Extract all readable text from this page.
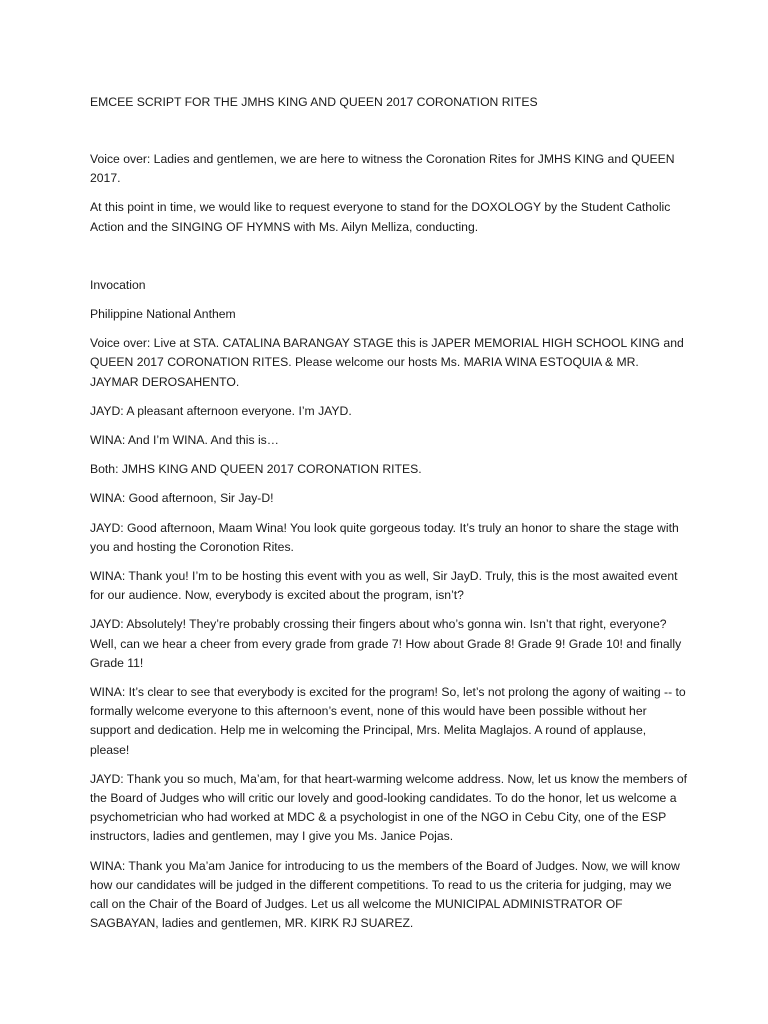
EMCEE SCRIPT FOR THE JMHS KING AND QUEEN 2017 CORONATION RITES

Voice over: Ladies and gentlemen, we are here to witness the Coronation Rites for JMHS KING and QUEEN 2017.

At this point in time, we would like to request everyone to stand for the DOXOLOGY by the Student Catholic Action and the SINGING OF HYMNS with Ms. Ailyn Melliza, conducting.

Invocation

Philippine National Anthem

Voice over: Live at STA. CATALINA BARANGAY STAGE this is JAPER MEMORIAL HIGH SCHOOL KING and QUEEN 2017 CORONATION RITES. Please welcome our hosts Ms. MARIA WINA ESTOQUIA & MR. JAYMAR DEROSAHENTO.

JAYD: A pleasant afternoon everyone. I’m JAYD.

WINA: And I’m WINA. And this is…

Both: JMHS KING AND QUEEN 2017 CORONATION RITES.

WINA: Good afternoon, Sir Jay-D!

JAYD: Good afternoon, Maam Wina! You look quite gorgeous today. It’s truly an honor to share the stage with you and hosting the Coronotion Rites.

WINA: Thank you! I’m to be hosting this event with you as well, Sir JayD. Truly, this is the most awaited event for our audience. Now, everybody is excited about the program, isn’t?

JAYD: Absolutely! They’re probably crossing their fingers about who’s gonna win. Isn’t that right, everyone? Well, can we hear a cheer from every grade from grade 7! How about Grade 8! Grade 9! Grade 10! and finally Grade 11!

WINA: It’s clear to see that everybody is excited for the program! So, let’s not prolong the agony of waiting -- to formally welcome everyone to this afternoon’s event, none of this would have been possible without her support and dedication. Help me in welcoming the Principal, Mrs. Melita Maglajos. A round of applause, please!

JAYD: Thank you so much, Ma’am, for that heart-warming welcome address. Now, let us know the members of the Board of Judges who will critic our lovely and good-looking candidates. To do the honor, let us welcome a psychometrician who had worked at MDC & a psychologist in one of the NGO in Cebu City, one of the ESP instructors, ladies and gentlemen, may I give you Ms. Janice Pojas.

WINA: Thank you Ma’am Janice for introducing to us the members of the Board of Judges. Now, we will know how our candidates will be judged in the different competitions. To read to us the criteria for judging, may we call on the Chair of the Board of Judges. Let us all welcome the MUNICIPAL ADMINISTRATOR OF SAGBAYAN, ladies and gentlemen, MR. KIRK RJ SUAREZ.
